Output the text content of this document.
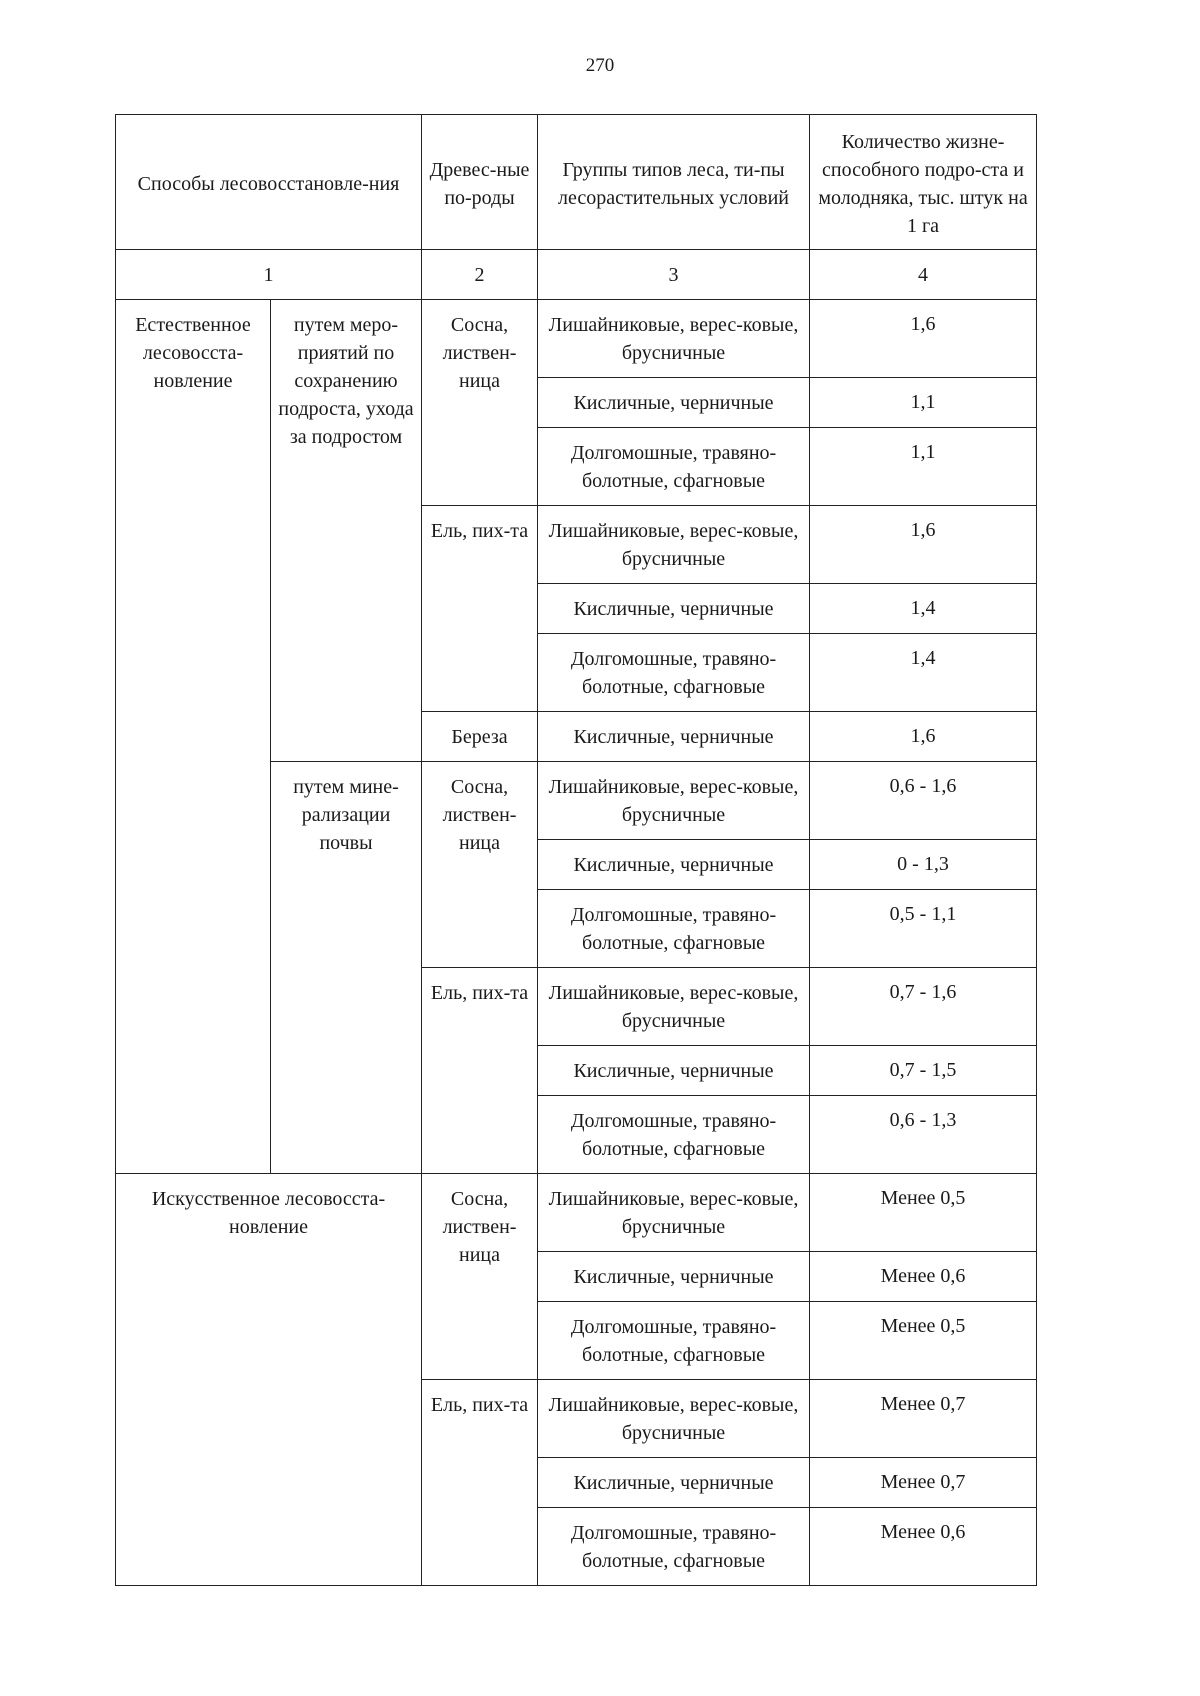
270
Способы лесовосстановле-ния		Древес-ные по-роды	Группы типов леса, ти-пы лесорастительных условий	Количество жизне-способного подро-ста и молодняка, тыс. штук на 1 га
1		2	3	4
Естественное лесовосста-новление	путем меро-приятий по сохранению подроста, ухода за подростом	Сосна, листвен-ница	Лишайниковые, верес-ковые, брусничные	1,6
			Кисличные, черничные	1,1
			Долгомошные, травяно-болотные, сфагновые	1,1
		Ель, пих-та	Лишайниковые, верес-ковые, брусничные	1,6
			Кисличные, черничные	1,4
			Долгомошные, травяно-болотные, сфагновые	1,4
		Береза	Кисличные, черничные	1,6
	путем мине-рализации почвы	Сосна, листвен-ница	Лишайниковые, верес-ковые, брусничные	0,6 - 1,6
			Кисличные, черничные	0 - 1,3
			Долгомошные, травяно-болотные, сфагновые	0,5 - 1,1
		Ель, пих-та	Лишайниковые, верес-ковые, брусничные	0,7 - 1,6
			Кисличные, черничные	0,7 - 1,5
			Долгомошные, травяно-болотные, сфагновые	0,6 - 1,3
Искусственное лесовосста-новление		Сосна, листвен-ница	Лишайниковые, верес-ковые, брусничные	Менее 0,5
			Кисличные, черничные	Менее 0,6
			Долгомошные, травяно-болотные, сфагновые	Менее 0,5
		Ель, пих-та	Лишайниковые, верес-ковые, брусничные	Менее 0,7
			Кисличные, черничные	Менее 0,7
			Долгомошные, травяно-болотные, сфагновые	Менее 0,6
